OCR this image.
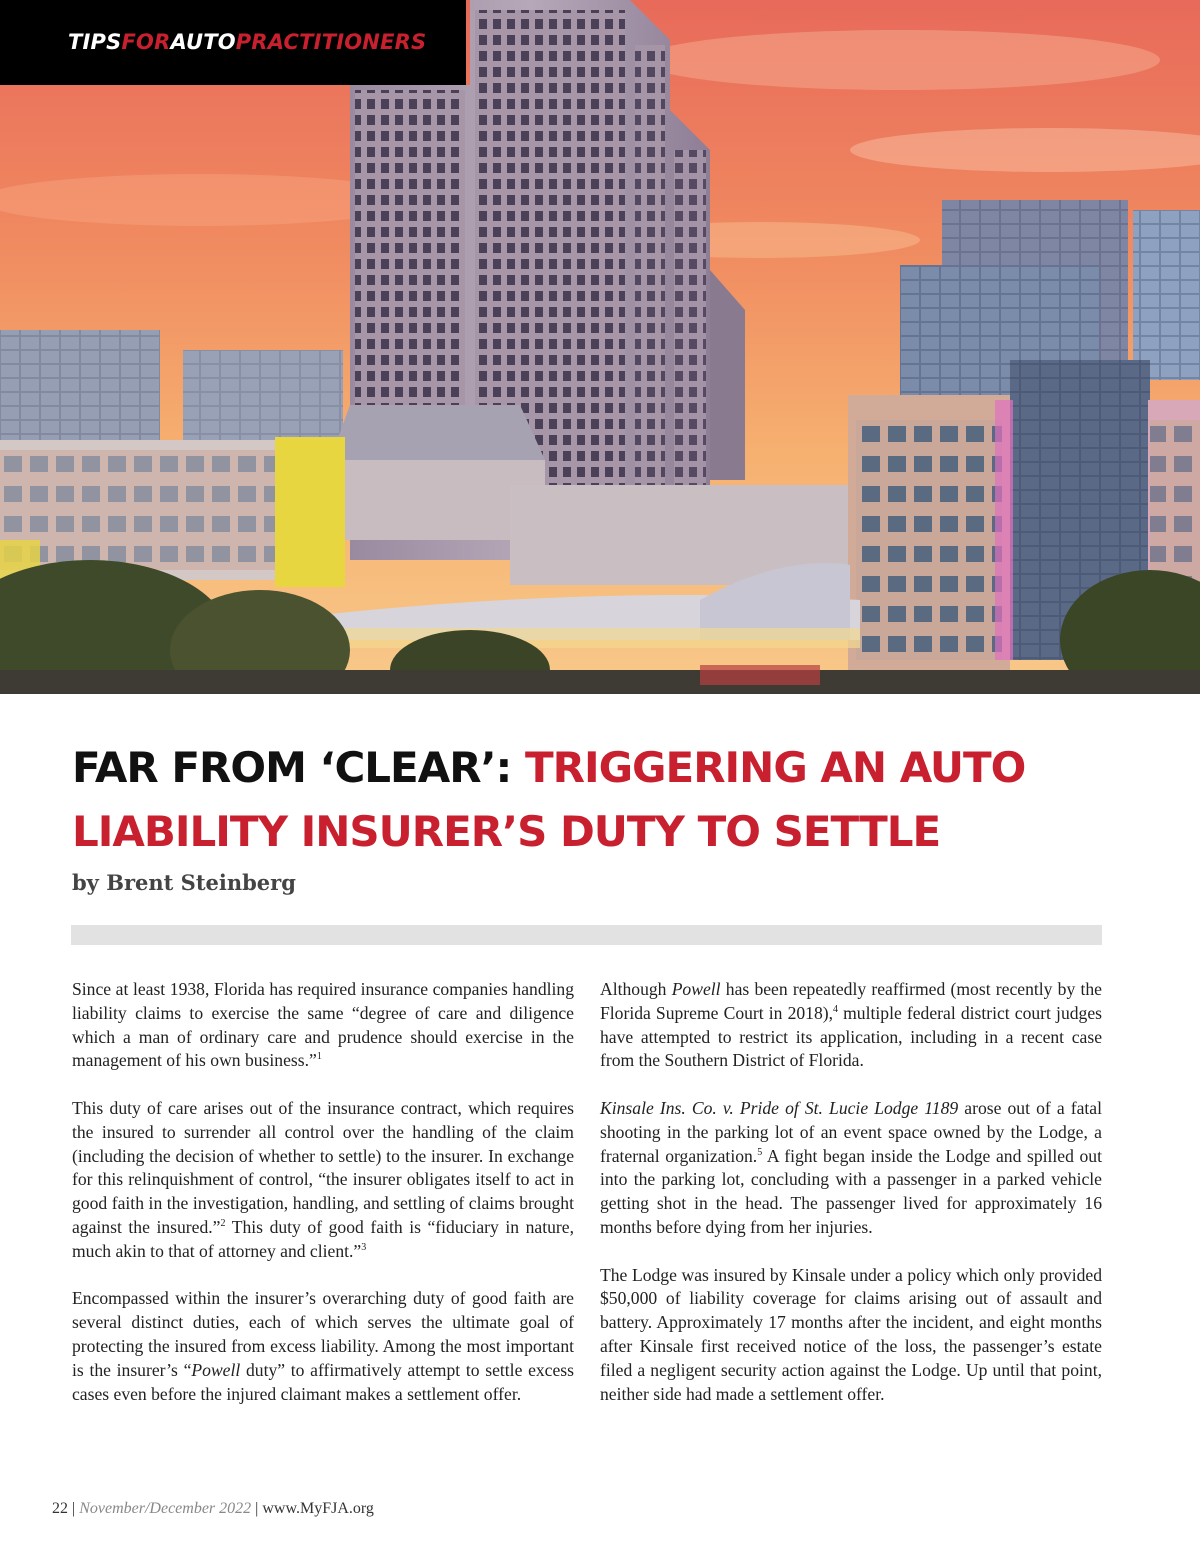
TIPSFORAUTOPRACTITIONERS
FAR FROM ‘CLEAR’: TRIGGERING AN AUTO LIABILITY INSURER’S DUTY TO SETTLE
by Brent Steinberg

Since at least 1938, Florida has required insurance companies handling liability claims to exercise the same “degree of care and diligence which a man of ordinary care and prudence should exercise in the management of his own business.”$^1$

This duty of care arises out of the insurance contract, which requires the insured to surrender all control over the handling of the claim (including the decision of whether to settle) to the insurer. In exchange for this relinquishment of control, “the insurer obligates itself to act in good faith in the investigation, handling, and settling of claims brought against the insured.”$^2$ This duty of good faith is “fiduciary in nature, much akin to that of attorney and client.”$^3$

Encompassed within the insurer’s overarching duty of good faith are several distinct duties, each of which serves the ultimate goal of protecting the insured from excess liability. Among the most important is the insurer’s “Powell duty” to affirmatively attempt to settle excess cases even before the injured claimant makes a settlement offer.

Although Powell has been repeatedly reaffirmed (most recently by the Florida Supreme Court in 2018),$^4$ multiple federal district court judges have attempted to restrict its application, including in a recent case from the Southern District of Florida.

Kinsale Ins. Co. v. Pride of St. Lucie Lodge 1189 arose out of a fatal shooting in the parking lot of an event space owned by the Lodge, a fraternal organization.$^5$ A fight began inside the Lodge and spilled out into the parking lot, concluding with a passenger in a parked vehicle getting shot in the head. The passenger lived for approximately 16 months before dying from her injuries.

The Lodge was insured by Kinsale under a policy which only provided $50,000 of liability coverage for claims arising out of assault and battery. Approximately 17 months after the incident, and eight months after Kinsale first received notice of the loss, the passenger’s estate filed a negligent security action against the Lodge. Up until that point, neither side had made a settlement offer.

22 | November/December 2022 | www.MyFJA.org
